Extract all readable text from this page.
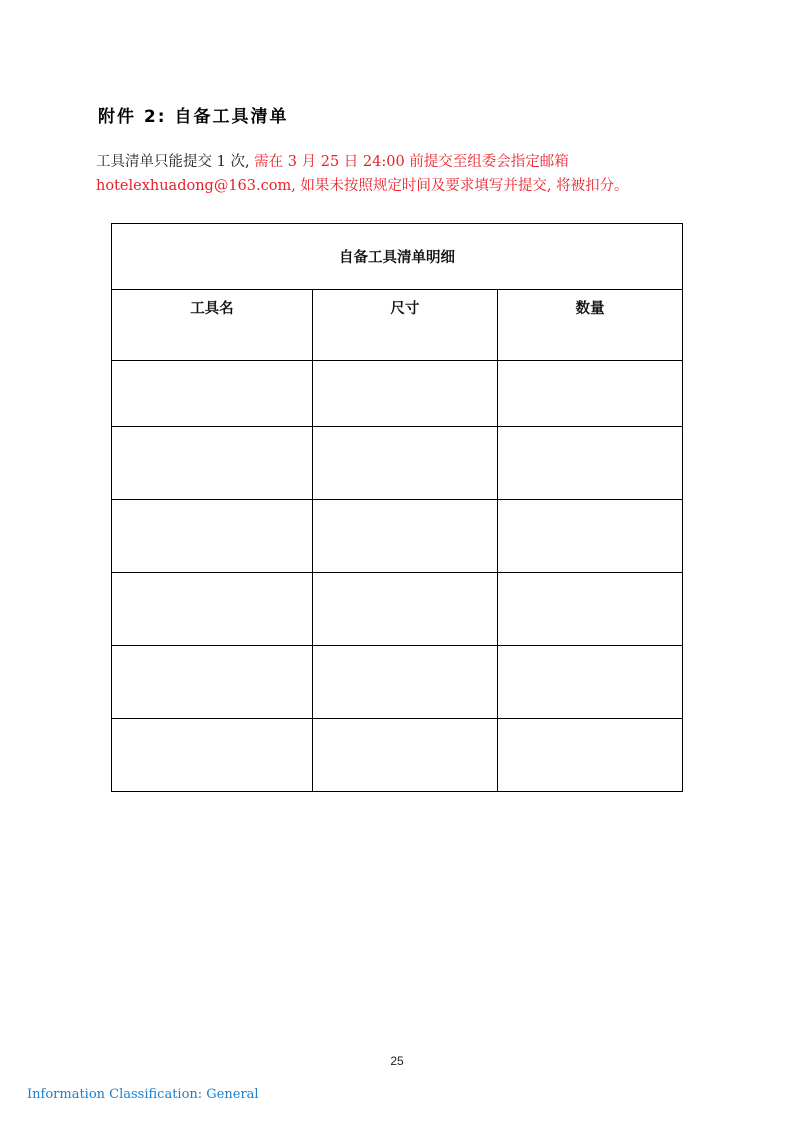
附件 2: 自备工具清单
工具清单只能提交 1 次, 需在 3 月 25 日 24:00 前提交至组委会指定邮箱
hotelexhuadong@163.com, 如果未按照规定时间及要求填写并提交, 将被扣分。
自备工具清单明细		
工具名	尺寸	数量

25
Information Classification: General
